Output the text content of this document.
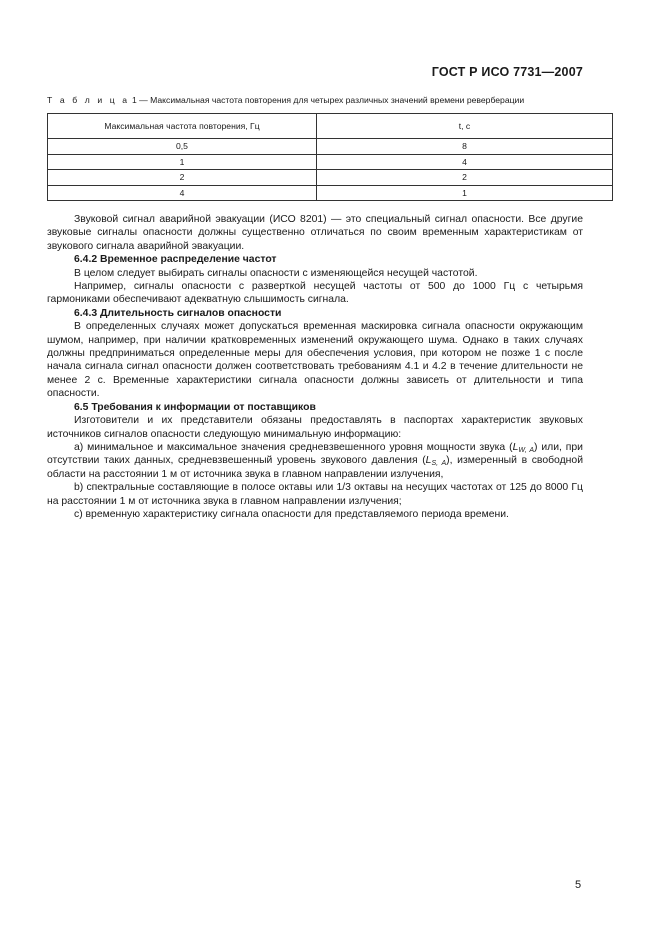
ГОСТ Р ИСО 7731—2007
Т а б л и ц а 1 — Максимальная частота повторения для четырех различных значений времени реверберации
Максимальная частота повторения, Гц	t, c
0,5	8
1	4
2	2
4	1

Звуковой сигнал аварийной эвакуации (ИСО 8201) — это специальный сигнал опасности. Все другие звуковые сигналы опасности должны существенно отличаться по своим временным характеристикам от звукового сигнала аварийной эвакуации.

6.4.2 Временное распределение частот

В целом следует выбирать сигналы опасности с изменяющейся несущей частотой.

Например, сигналы опасности с разверткой несущей частоты от 500 до 1000 Гц с четырьмя гармониками обеспечивают адекватную слышимость сигнала.

6.4.3 Длительность сигналов опасности

В определенных случаях может допускаться временная маскировка сигнала опасности окружающим шумом, например, при наличии кратковременных изменений окружающего шума. Однако в таких случаях должны предприниматься определенные меры для обеспечения условия, при котором не позже 1 с после начала сигнала сигнал опасности должен соответствовать требованиям 4.1 и 4.2 в течение длительности не менее 2 с. Временные характеристики сигнала опасности должны зависеть от длительности и типа опасности.

6.5 Требования к информации от поставщиков

Изготовители и их представители обязаны предоставлять в паспортах характеристик звуковых источников сигналов опасности следующую минимальную информацию:

a) минимальное и максимальное значения средневзвешенного уровня мощности звука $(L_{W, A})$ или, при отсутствии таких данных, средневзвешенный уровень звукового давления $(L_{S, A})$, измеренный в свободной области на расстоянии 1 м от источника звука в главном направлении излучения,

b) спектральные составляющие в полосе октавы или 1/3 октавы на несущих частотах от 125 до 8000 Гц на расстоянии 1 м от источника звука в главном направлении излучения;

c) временную характеристику сигнала опасности для представляемого периода времени.

5
